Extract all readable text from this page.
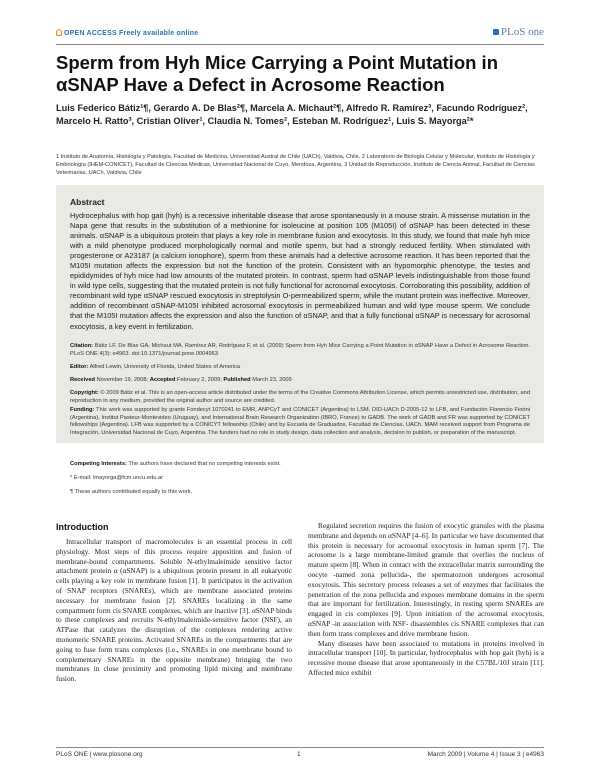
OPEN ACCESS Freely available online	PLoS one
Sperm from Hyh Mice Carrying a Point Mutation in αSNAP Have a Defect in Acrosome Reaction
Luis Federico Bátiz¹¶, Gerardo A. De Blas²¶, Marcela A. Michaut²¶, Alfredo R. Ramírez³, Facundo Rodríguez², Marcelo H. Ratto³, Cristian Oliver¹, Claudia N. Tomes², Esteban M. Rodríguez¹, Luis S. Mayorga²*
1 Instituto de Anatomía, Histología y Patología, Facultad de Medicina, Universidad Austral de Chile (UACh), Valdivia, Chile, 2 Laboratorio de Biología Celular y Molecular, Instituto de Histología y Embriología (IHEM-CONICET), Facultad de Ciencias Médicas, Universidad Nacional de Cuyo, Mendoza, Argentina, 3 Unidad de Reproducción, Instituto de Ciencia Animal, Facultad de Ciencias Veterinarias, UACh, Valdivia, Chile
Abstract
Hydrocephalus with hop gait (hyh) is a recessive inheritable disease that arose spontaneously in a mouse strain. A missense mutation in the Napa gene that results in the substitution of a methionine for isoleucine at position 105 (M105I) of αSNAP has been detected in these animals. αSNAP is a ubiquitous protein that plays a key role in membrane fusion and exocytosis. In this study, we found that male hyh mice with a mild phenotype produced morphologically normal and motile sperm, but had a strongly reduced fertility. When stimulated with progesterone or A23187 (a calcium ionophore), sperm from these animals had a defective acrosome reaction. It has been reported that the M105I mutation affects the expression but not the function of the protein. Consistent with an hypomorphic phenotype, the testes and epididymides of hyh mice had low amounts of the mutated protein. In contrast, sperm had αSNAP levels indistinguishable from those found in wild type cells, suggesting that the mutated protein is not fully functional for acrosomal exocytosis. Corroborating this possibility, addition of recombinant wild type αSNAP rescued exocytosis in streptolysin O-permeabilized sperm, while the mutant protein was ineffective. Moreover, addition of recombinant αSNAP-M105I inhibited acrosomal exocytosis in permeabilized human and wild type mouse sperm. We conclude that the M105I mutation affects the expression and also the function of αSNAP, and that a fully functional αSNAP is necessary for acrosomal exocytosis, a key event in fertilization.
Citation: Bátiz LF, De Blas GA, Michaut MA, Ramírez AR, Rodríguez F, et al. (2009) Sperm from Hyh Mice Carrying a Point Mutation in αSNAP Have a Defect in Acrosome Reaction. PLoS ONE 4(3): e4963. doi:10.1371/journal.pone.0004963
Editor: Alfred Lewin, University of Florida, United States of America
Received November 19, 2008; Accepted February 2, 2009; Published March 23, 2009
Copyright: © 2009 Bátiz et al. This is an open-access article distributed under the terms of the Creative Commons Attribution License, which permits unrestricted use, distribution, and reproduction in any medium, provided the original author and source are credited.
Funding: This work was supported by grants Fondecyt 1070241 to EMR, ANPCyT and CONICET (Argentina) to LSM, DID-UACh D-2005-12 to LFB, and Fundación Florencio Fiorini (Argentina), Institut Pasteur-Montevideo (Uruguay), and International Brain Research Organization (IBRO, France) to GADB. The work of GADB and FR was supported by CONICET fellowships (Argentina). LFB was supported by a CONICYT fellowship (Chile) and by Escuela de Graduados, Facultad de Ciencias, UACh. MAM received support from Programa de Integración, Universidad Nacional de Cuyo, Argentina. The funders had no role in study design, data collection and analysis, decision to publish, or preparation of the manuscript.
Competing Interests: The authors have declared that no competing interests exist.
* E-mail: lmayorga@fcm.uncu.edu.ar
¶ These authors contributed equally to this work.
Introduction

Intracellular transport of macromolecules is an essential process in cell physiology. Most steps of this process require apposition and fusion of membrane-bound compartments. Soluble N-ethylmaleimide sensitive factor attachment protein α (αSNAP) is a ubiquitous protein present in all eukaryotic cells playing a key role in membrane fusion [1]. It participates in the activation of SNAP receptors (SNAREs), which are membrane associated proteins necessary for membrane fusion [2]. SNAREs localizing in the same compartment form cis SNARE complexes, which are inactive [3]. αSNAP binds to these complexes and recruits N-ethylmaleimide-sensitive factor (NSF), an ATPase that catalyzes the disruption of the complexes rendering active monomeric SNARE proteins. Activated SNAREs in the compartments that are going to fuse form trans complexes (i.e., SNAREs in one membrane bound to complementary SNAREs in the opposite membrane) bringing the two membranes in close proximity and promoting lipid mixing and membrane fusion.

Regulated secretion requires the fusion of exocytic granules with the plasma membrane and depends on αSNAP [4–6]. In particular we have documented that this protein is necessary for acrosomal exocytosis in human sperm [7]. The acrosome is a large membrane-limited granule that overlies the nucleus of mature sperm [8]. When in contact with the extracellular matrix surrounding the oocyte -named zona pellucida-, the spermatozoon undergoes acrosomal exocytosis. This secretory process releases a set of enzymes that facilitates the penetration of the zona pellucida and exposes membrane domains in the sperm that are important for fertilization. Interestingly, in resting sperm SNAREs are engaged in cis complexes [9]. Upon initiation of the acrosomal exocytosis, αSNAP -in association with NSF- disassembles cis SNARE complexes that can then form trans complexes and drive membrane fusion.

Many diseases have been associated to mutations in proteins involved in intracellular transport [10]. In particular, hydrocephalus with hop gait (hyh) is a recessive mouse disease that arose spontaneously in the C57BL/10J strain [11]. Affected mice exhibit

PLoS ONE | www.plosone.org	1	March 2009 | Volume 4 | Issue 3 | e4963
